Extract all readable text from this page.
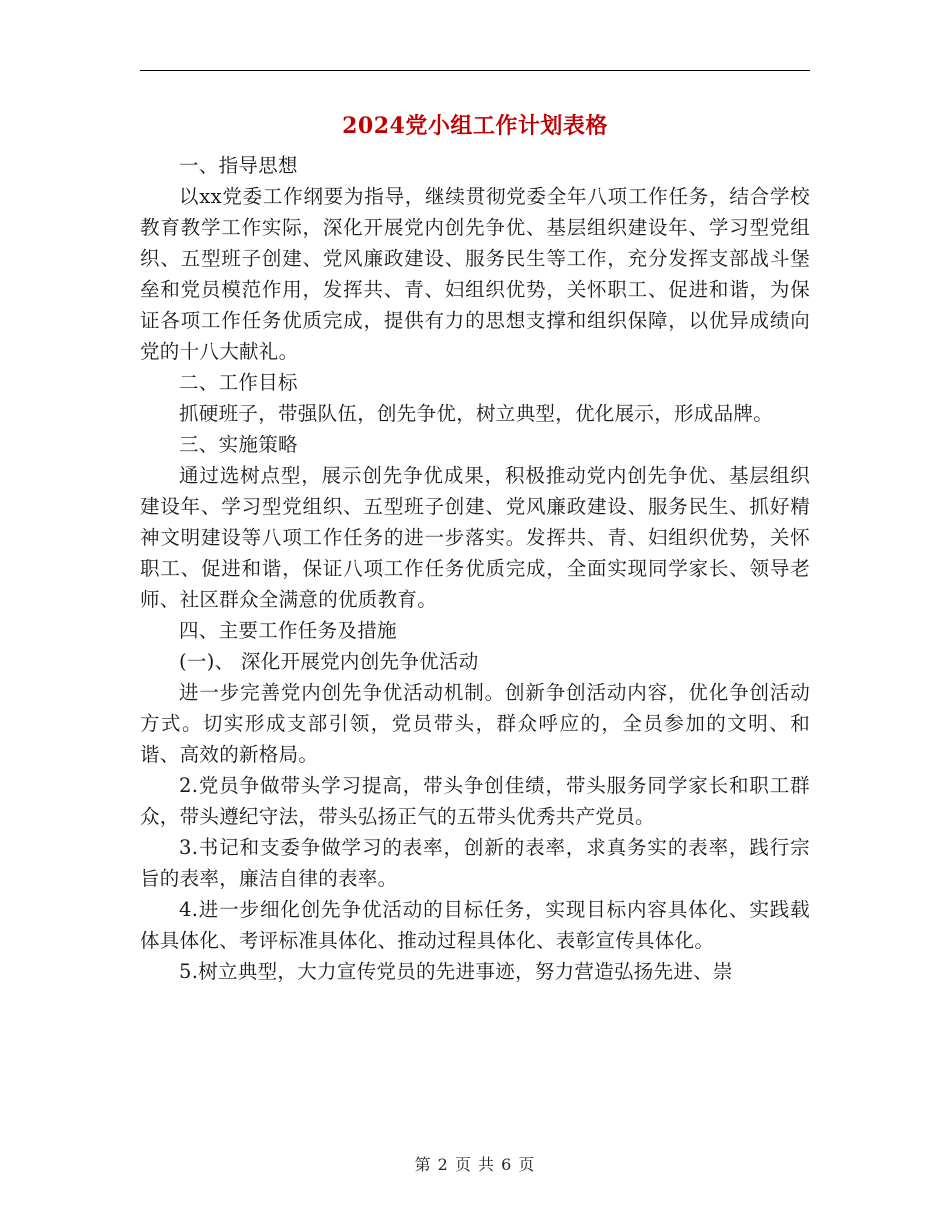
2024党小组工作计划表格

一、指导思想

以xx党委工作纲要为指导，继续贯彻党委全年八项工作任务，结合学校教育教学工作实际，深化开展党内创先争优、基层组织建设年、学习型党组织、五型班子创建、党风廉政建设、服务民生等工作，充分发挥支部战斗堡垒和党员模范作用，发挥共、青、妇组织优势，关怀职工、促进和谐，为保证各项工作任务优质完成，提供有力的思想支撑和组织保障，以优异成绩向党的十八大献礼。

二、工作目标

抓硬班子，带强队伍，创先争优，树立典型，优化展示，形成品牌。

三、实施策略

通过选树点型，展示创先争优成果，积极推动党内创先争优、基层组织建设年、学习型党组织、五型班子创建、党风廉政建设、服务民生、抓好精神文明建设等八项工作任务的进一步落实。发挥共、青、妇组织优势，关怀职工、促进和谐，保证八项工作任务优质完成，全面实现同学家长、领导老师、社区群众全满意的优质教育。

四、主要工作任务及措施

(一)、 深化开展党内创先争优活动

进一步完善党内创先争优活动机制。创新争创活动内容，优化争创活动方式。切实形成支部引领，党员带头，群众呼应的，全员参加的文明、和谐、高效的新格局。

2.党员争做带头学习提高，带头争创佳绩，带头服务同学家长和职工群众，带头遵纪守法，带头弘扬正气的五带头优秀共产党员。

3.书记和支委争做学习的表率，创新的表率，求真务实的表率，践行宗旨的表率，廉洁自律的表率。

4.进一步细化创先争优活动的目标任务，实现目标内容具体化、实践载体具体化、考评标准具体化、推动过程具体化、表彰宣传具体化。

5.树立典型，大力宣传党员的先进事迹，努力营造弘扬先进、崇

第 2 页 共 6 页
